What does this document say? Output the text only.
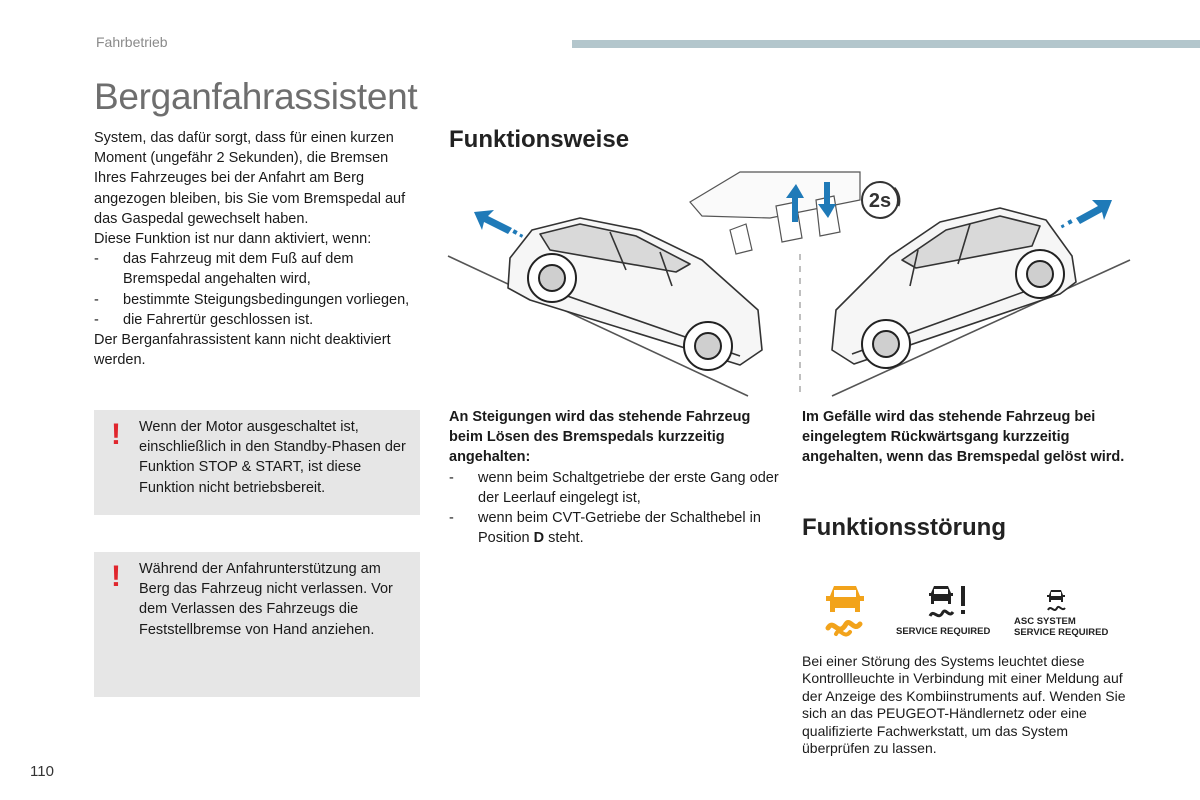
Fahrbetrieb
Berganfahrassistent

System, das dafür sorgt, dass für einen kurzen Moment (ungefähr 2 Sekunden), die Bremsen Ihres Fahrzeuges bei der Anfahrt am Berg angezogen bleiben, bis Sie vom Bremspedal auf das Gaspedal gewechselt haben.

Diese Funktion ist nur dann aktiviert, wenn:

- das Fahrzeug mit dem Fuß auf dem Bremspedal angehalten wird,
- bestimmte Steigungsbedingungen vorliegen,
- die Fahrertür geschlossen ist.

Der Berganfahrassistent kann nicht deaktiviert werden.

! Wenn der Motor ausgeschaltet ist, einschließlich in den Standby-Phasen der Funktion STOP & START, ist diese Funktion nicht betriebsbereit.
! Während der Anfahrunterstützung am Berg das Fahrzeug nicht verlassen. Vor dem Verlassen des Fahrzeugs die Feststellbremse von Hand anziehen.
Funktionsweise
2s
An Steigungen wird das stehende Fahrzeug beim Lösen des Bremspedals kurzzeitig angehalten:
- wenn beim Schaltgetriebe der erste Gang oder der Leerlauf eingelegt ist,
- wenn beim CVT-Getriebe der Schalthebel in Position D steht.
Im Gefälle wird das stehende Fahrzeug bei eingelegtem Rückwärtsgang kurzzeitig angehalten, wenn das Bremspedal gelöst wird.
Funktionsstörung
SERVICE REQUIRED
ASC SYSTEM
SERVICE REQUIRED
Bei einer Störung des Systems leuchtet diese Kontrollleuchte in Verbindung mit einer Meldung auf der Anzeige des Kombiinstruments auf. Wenden Sie sich an das PEUGEOT-Händlernetz oder eine qualifizierte Fachwerkstatt, um das System überprüfen zu lassen.
110
